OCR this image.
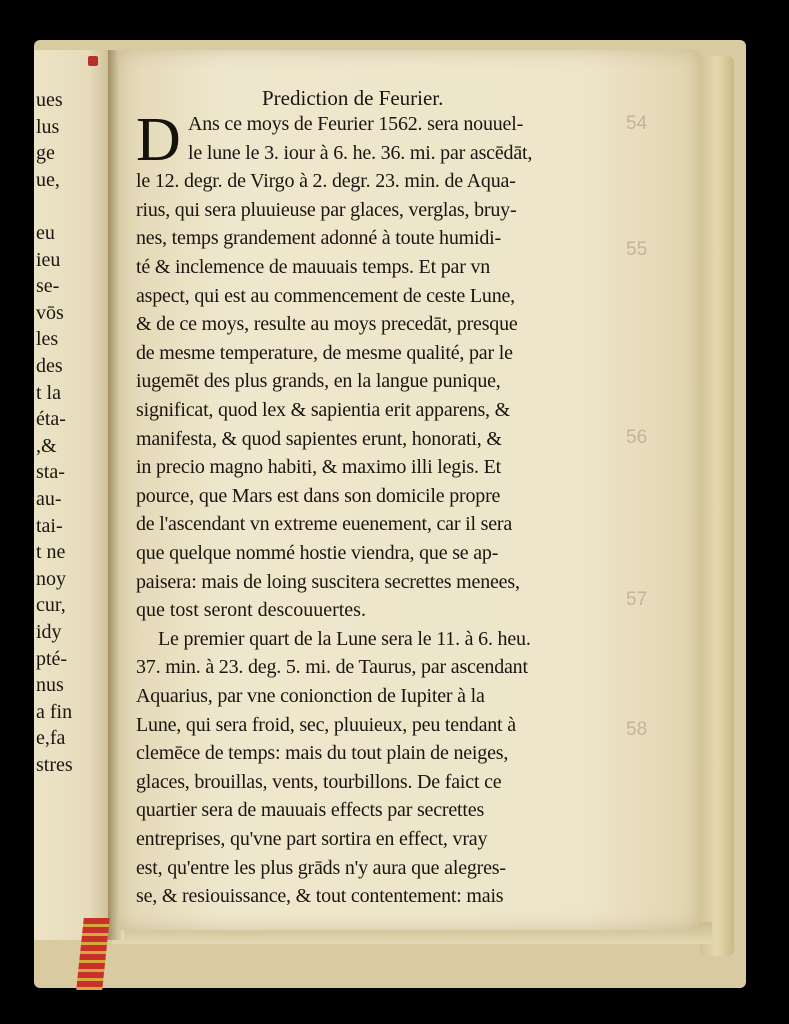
ues
lus
ge
ue,
eu
ieu
se-
vōs
les
des
t la
éta-
,&
sta-
au-
tai-
t ne
noy
cur,
idy
pté-
nus
a fin
e,fa
stres
Prediction de Feurier.
D Ans ce moys de Feurier 1562. sera nouuel-
le lune le 3. iour à 6. he. 36. mi. par ascēdāt,
le 12. degr. de Virgo à 2. degr. 23. min. de Aqua-
rius, qui sera pluuieuse par glaces, verglas, bruy-
nes, temps grandement adonné à toute humidi-
té & inclemence de mauuais temps. Et par vn
aspect, qui est au commencement de ceste Lune,
& de ce moys, resulte au moys precedāt, presque
de mesme temperature, de mesme qualité, par le
iugemēt des plus grands, en la langue punique,
significat, quod lex & sapientia erit apparens, &
manifesta, & quod sapientes erunt, honorati, &
in precio magno habiti, & maximo illi legis. Et
pource, que Mars est dans son domicile propre
de l'ascendant vn extreme euenement, car il sera
que quelque nommé hostie viendra, que se ap-
paisera: mais de loing suscitera secrettes menees,
que tost seront descouuertes.
Le premier quart de la Lune sera le 11. à 6. heu.
37. min. à 23. deg. 5. mi. de Taurus, par ascendant
Aquarius, par vne conionction de Iupiter à la
Lune, qui sera froid, sec, pluuieux, peu tendant à
clemēce de temps: mais du tout plain de neiges,
glaces, brouillas, vents, tourbillons. De faict ce
quartier sera de mauuais effects par secrettes
entreprises, qu'vne part sortira en effect, vray
est, qu'entre les plus grāds n'y aura que alegres-
se, & resiouissance, & tout contentement: mais
54
55
56
57
58
